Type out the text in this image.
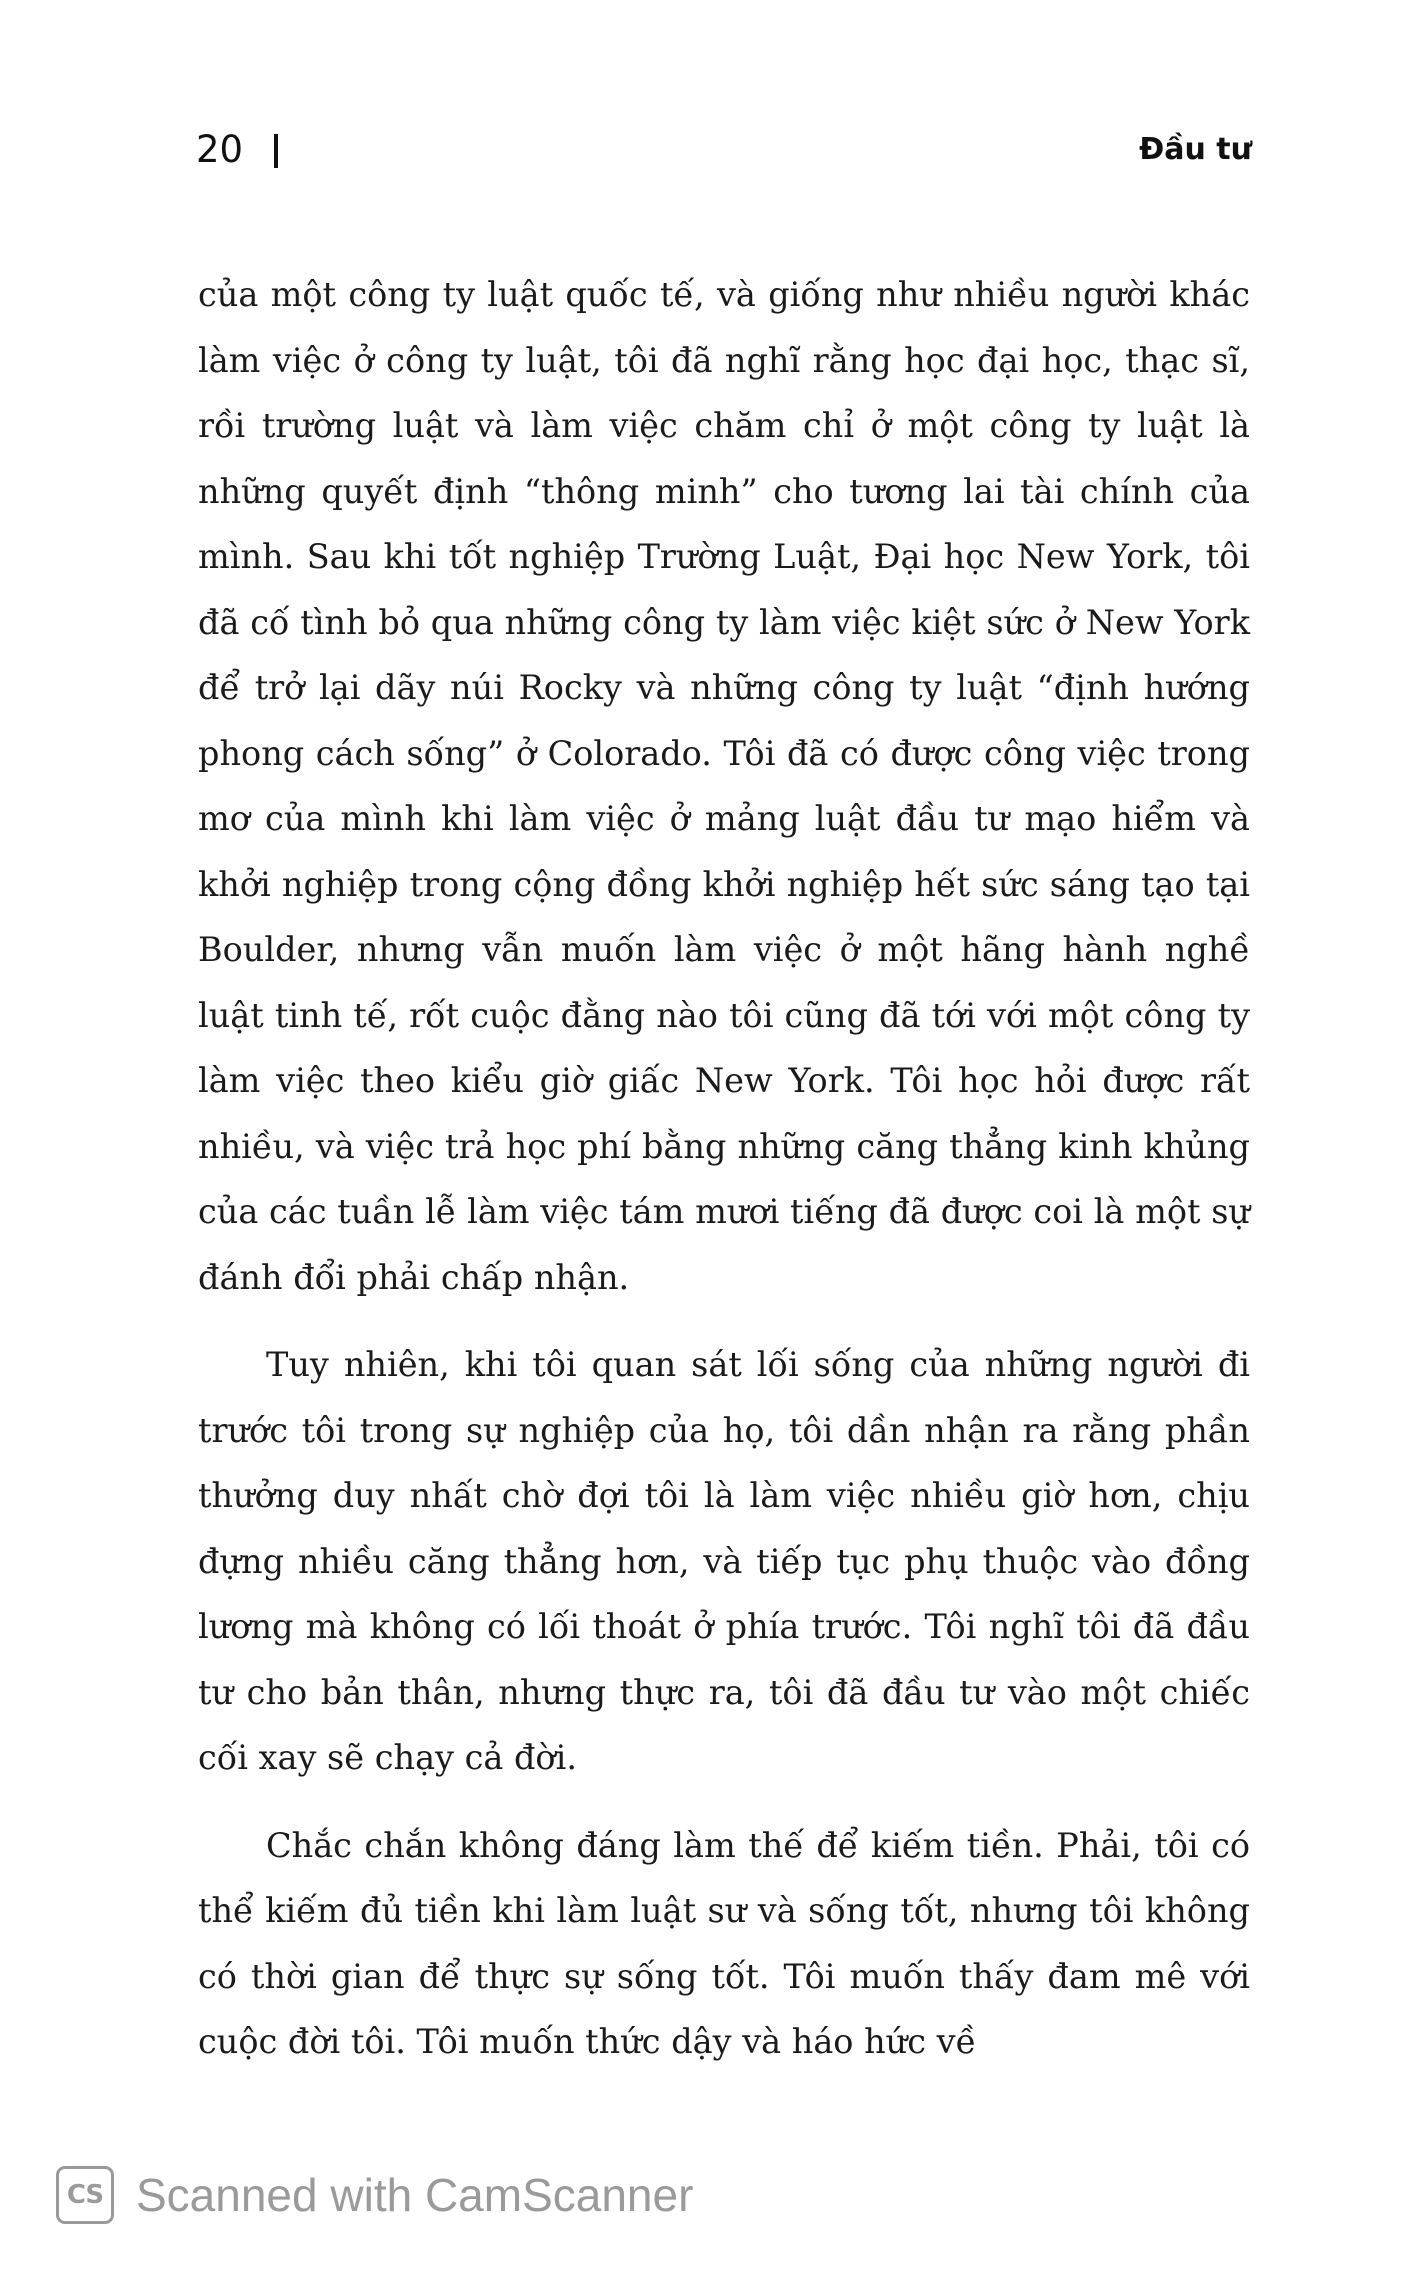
20	Đầu tư

của một công ty luật quốc tế, và giống như nhiều người khác làm việc ở công ty luật, tôi đã nghĩ rằng học đại học, thạc sĩ, rồi trường luật và làm việc chăm chỉ ở một công ty luật là những quyết định “thông minh” cho tương lai tài chính của mình. Sau khi tốt nghiệp Trường Luật, Đại học New York, tôi đã cố tình bỏ qua những công ty làm việc kiệt sức ở New York để trở lại dãy núi Rocky và những công ty luật “định hướng phong cách sống” ở Colorado. Tôi đã có được công việc trong mơ của mình khi làm việc ở mảng luật đầu tư mạo hiểm và khởi nghiệp trong cộng đồng khởi nghiệp hết sức sáng tạo tại Boulder, nhưng vẫn muốn làm việc ở một hãng hành nghề luật tinh tế, rốt cuộc đằng nào tôi cũng đã tới với một công ty làm việc theo kiểu giờ giấc New York. Tôi học hỏi được rất nhiều, và việc trả học phí bằng những căng thẳng kinh khủng của các tuần lễ làm việc tám mươi tiếng đã được coi là một sự đánh đổi phải chấp nhận.

Tuy nhiên, khi tôi quan sát lối sống của những người đi trước tôi trong sự nghiệp của họ, tôi dần nhận ra rằng phần thưởng duy nhất chờ đợi tôi là làm việc nhiều giờ hơn, chịu đựng nhiều căng thẳng hơn, và tiếp tục phụ thuộc vào đồng lương mà không có lối thoát ở phía trước. Tôi nghĩ tôi đã đầu tư cho bản thân, nhưng thực ra, tôi đã đầu tư vào một chiếc cối xay sẽ chạy cả đời.

Chắc chắn không đáng làm thế để kiếm tiền. Phải, tôi có thể kiếm đủ tiền khi làm luật sư và sống tốt, nhưng tôi không có thời gian để thực sự sống tốt. Tôi muốn thấy đam mê với cuộc đời tôi. Tôi muốn thức dậy và háo hức về

CS Scanned with CamScanner
